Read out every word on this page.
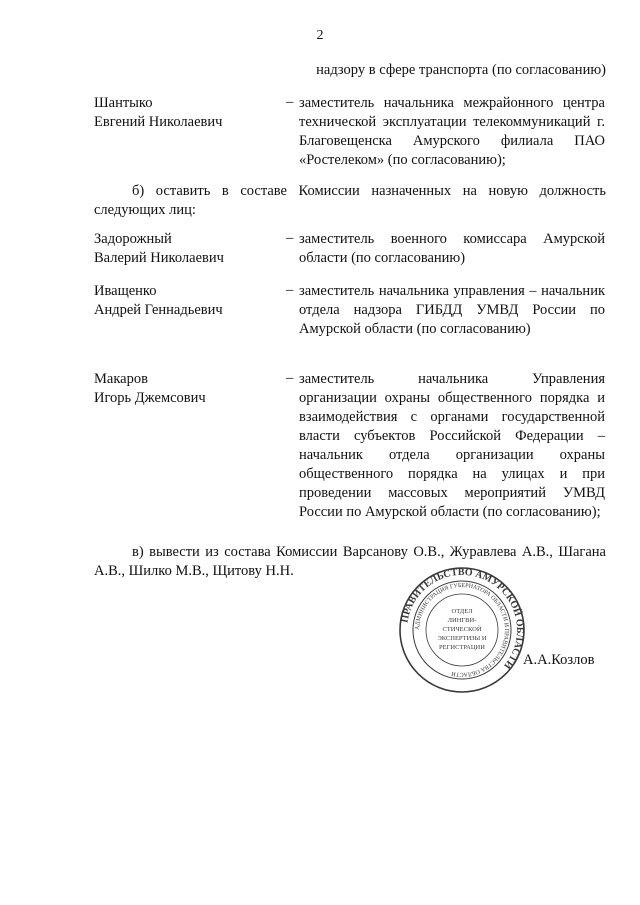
2
надзору в сфере транспорта (по согласованию)
Шантыко
Евгений Николаевич
– заместитель начальника межрайонного центра технической эксплуатации телекоммуникаций г. Благовещенска Амурского филиала ПАО «Ростелеком» (по согласованию);
б) оставить в составе Комиссии назначенных на новую должность следующих лиц:
Задорожный
Валерий Николаевич
– заместитель военного комиссара Амурской области (по согласованию)
Иващенко
Андрей Геннадьевич
– заместитель начальника управления – начальник отдела надзора ГИБДД УМВД России по Амурской области (по согласованию)
Макаров
Игорь Джемсович
– заместитель начальника Управления организации охраны общественного порядка и взаимодействия с органами государственной власти субъектов Российской Федерации – начальник отдела организации охраны общественного порядка на улицах и при проведении массовых мероприятий УМВД России по Амурской области (по согласованию);
в) вывести из состава Комиссии Варсанову О.В., Журавлева А.В., Шагана А.В., Шилко М.В., Щитову Н.Н.
ПРАВИТЕЛЬСТВО АМУРСКОЙ ОБЛАСТИ
АДМИНИСТРАЦИЯ ГУБЕРНАТОРА ОБЛАСТИ И ПРАВИТЕЛЬСТВА ОБЛАСТИ
ОТДЕЛ
ЛИНГВИ-
СТИЧЕСКОЙ
ЭКСПЕРТИЗЫ И
РЕГИСТРАЦИИ
А.А.Козлов
